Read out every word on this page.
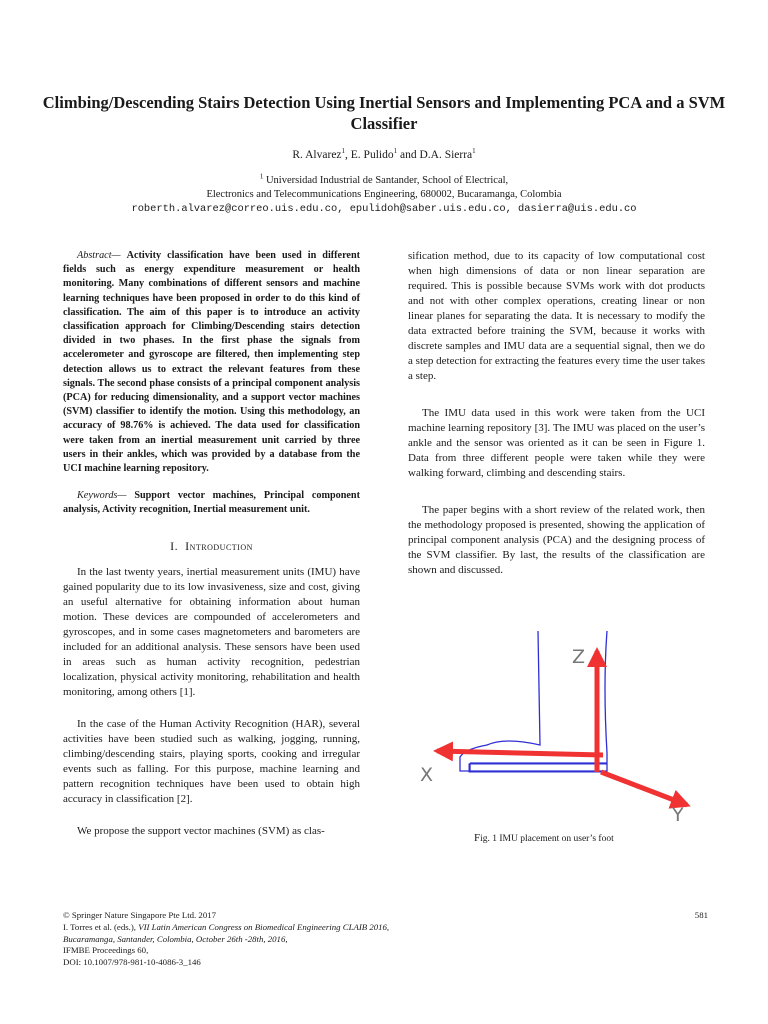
Climbing/Descending Stairs Detection Using Inertial Sensors and Implementing PCA and a SVM Classifier
R. Alvarez$^1$, E. Pulido$^1$ and D.A. Sierra$^1$
$^1$ Universidad Industrial de Santander, School of Electrical,
Electronics and Telecommunications Engineering, 680002, Bucaramanga, Colombia
roberth.alvarez@correo.uis.edu.co, epulidoh@saber.uis.edu.co, dasierra@uis.edu.co

Abstract— Activity classification have been used in different fields such as energy expenditure measurement or health monitoring. Many combinations of different sensors and machine learning techniques have been proposed in order to do this kind of classification. The aim of this paper is to introduce an activity classification approach for Climbing/Descending stairs detection divided in two phases. In the first phase the signals from accelerometer and gyroscope are filtered, then implementing step detection allows us to extract the relevant features from these signals. The second phase consists of a principal component analysis (PCA) for reducing dimensionality, and a support vector machines (SVM) classifier to identify the motion. Using this methodology, an accuracy of 98.76% is achieved. The data used for classification were taken from an inertial measurement unit carried by three users in their ankles, which was provided by a database from the UCI machine learning repository.

Keywords— Support vector machines, Principal component analysis, Activity recognition, Inertial measurement unit.

I. Introduction

In the last twenty years, inertial measurement units (IMU) have gained popularity due to its low invasiveness, size and cost, giving an useful alternative for obtaining information about human motion. These devices are compounded of accelerometers and gyroscopes, and in some cases magnetometers and barometers are included for an additional analysis. These sensors have been used in areas such as human activity recognition, pedestrian localization, physical activity monitoring, rehabilitation and health monitoring, among others [1].

In the case of the Human Activity Recognition (HAR), several activities have been studied such as walking, jogging, running, climbing/descending stairs, playing sports, cooking and irregular events such as falling. For this purpose, machine learning and pattern recognition techniques have been used to obtain high accuracy in classification [2].

We propose the support vector machines (SVM) as clas-

sification method, due to its capacity of low computational cost when high dimensions of data or non linear separation are required. This is possible because SVMs work with dot products and not with other complex operations, creating linear or non linear planes for separating the data. It is necessary to modify the data extracted before training the SVM, because it works with discrete samples and IMU data are a sequential signal, then we do a step detection for extracting the features every time the user takes a step.

The IMU data used in this work were taken from the UCI machine learning repository [3]. The IMU was placed on the user’s ankle and the sensor was oriented as it can be seen in Figure 1. Data from three different people were taken while they were walking forward, climbing and descending stairs.

The paper begins with a short review of the related work, then the methodology proposed is presented, showing the application of principal component analysis (PCA) and the designing process of the SVM classifier. By last, the results of the classification are shown and discussed.

Z
X
Y
Fig. 1 IMU placement on user’s foot
© Springer Nature Singapore Pte Ltd. 2017
I. Torres et al. (eds.), VII Latin American Congress on Biomedical Engineering CLAIB 2016,
Bucaramanga, Santander, Colombia, October 26th -28th, 2016,
IFMBE Proceedings 60,
DOI: 10.1007/978-981-10-4086-3_146
581
